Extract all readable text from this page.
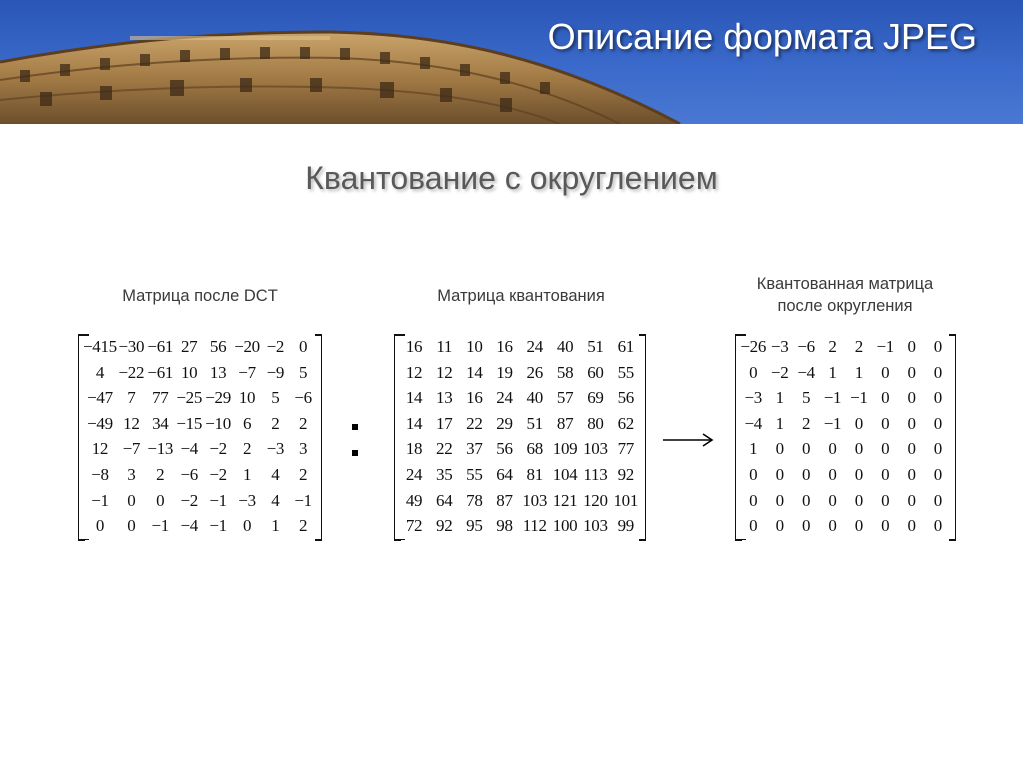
Описание формата JPEG
Квантование с округлением
Матрица после DCT	Матрица квантования
Квантованная матрица
после округления
−415	−30	−61	27	56	−20	−2	0
4	−22	−61	10	13	−7	−9	5
−47	7	77	−25	−29	10	5	−6
−49	12	34	−15	−10	6	2	2
12	−7	−13	−4	−2	2	−3	3
−8	3	2	−6	−2	1	4	2
−1	0	0	−2	−1	−3	4	−1
0	0	−1	−4	−1	0	1	2
16	11	10	16	24	40	51	61
12	12	14	19	26	58	60	55
14	13	16	24	40	57	69	56
14	17	22	29	51	87	80	62
18	22	37	56	68	109	103	77
24	35	55	64	81	104	113	92
49	64	78	87	103	121	120	101
72	92	95	98	112	100	103	99
−26	−3	−6	2	2	−1	0	0
0	−2	−4	1	1	0	0	0
−3	1	5	−1	−1	0	0	0
−4	1	2	−1	0	0	0	0
1	0	0	0	0	0	0	0
0	0	0	0	0	0	0	0
0	0	0	0	0	0	0	0
0	0	0	0	0	0	0	0
